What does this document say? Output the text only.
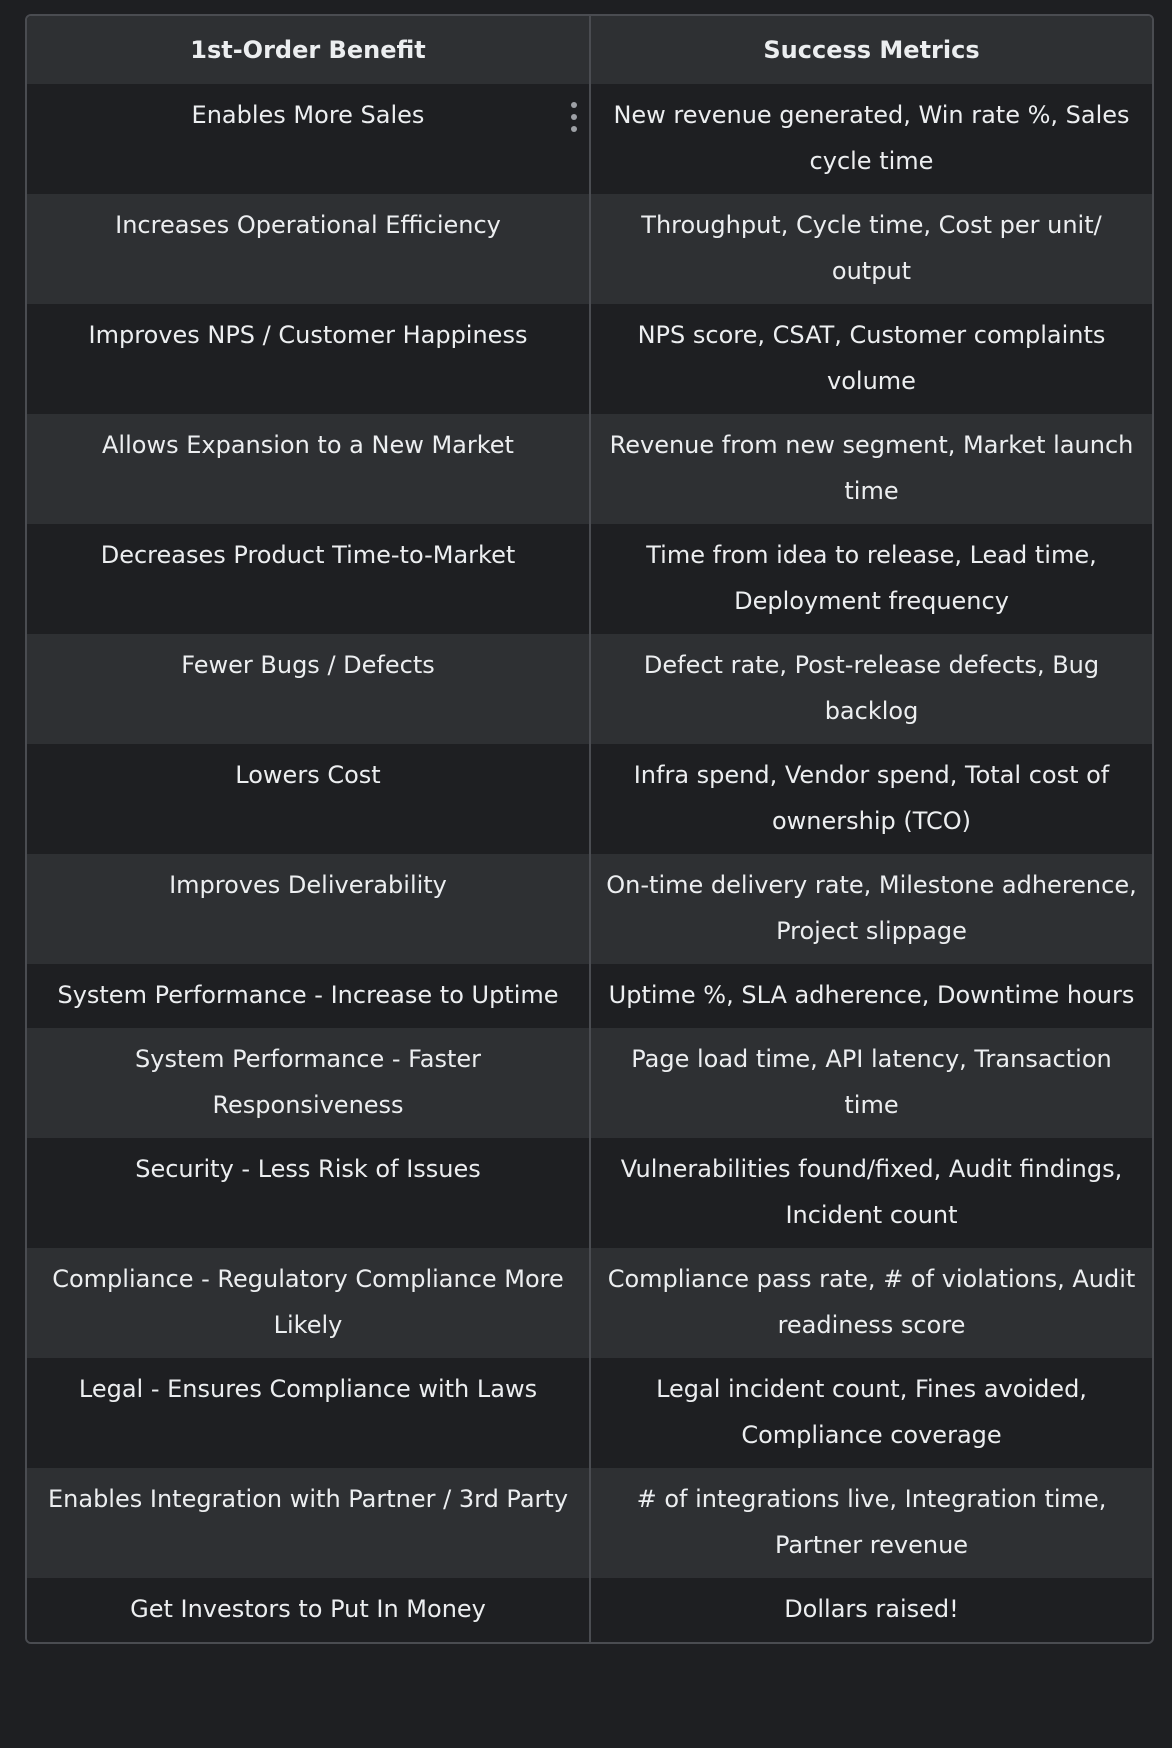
1st-Order Benefit	Success Metrics
Enables More Sales	New revenue generated, Win rate %, Sales cycle time
Increases Operational Efficiency	Throughput, Cycle time, Cost per unit/ output
Improves NPS / Customer Happiness	NPS score, CSAT, Customer complaints volume
Allows Expansion to a New Market	Revenue from new segment, Market launch time
Decreases Product Time-to-Market	Time from idea to release, Lead time, Deployment frequency
Fewer Bugs / Defects	Defect rate, Post-release defects, Bug backlog
Lowers Cost	Infra spend, Vendor spend, Total cost of ownership (TCO)
Improves Deliverability	On-time delivery rate, Milestone adherence, Project slippage
System Performance - Increase to Uptime	Uptime %, SLA adherence, Downtime hours
System Performance - Faster Responsiveness	Page load time, API latency, Transaction time
Security - Less Risk of Issues	Vulnerabilities found/fixed, Audit findings, Incident count
Compliance - Regulatory Compliance More Likely	Compliance pass rate, # of violations, Audit readiness score
Legal - Ensures Compliance with Laws	Legal incident count, Fines avoided, Compliance coverage
Enables Integration with Partner / 3rd Party	# of integrations live, Integration time, Partner revenue
Get Investors to Put In Money	Dollars raised!
